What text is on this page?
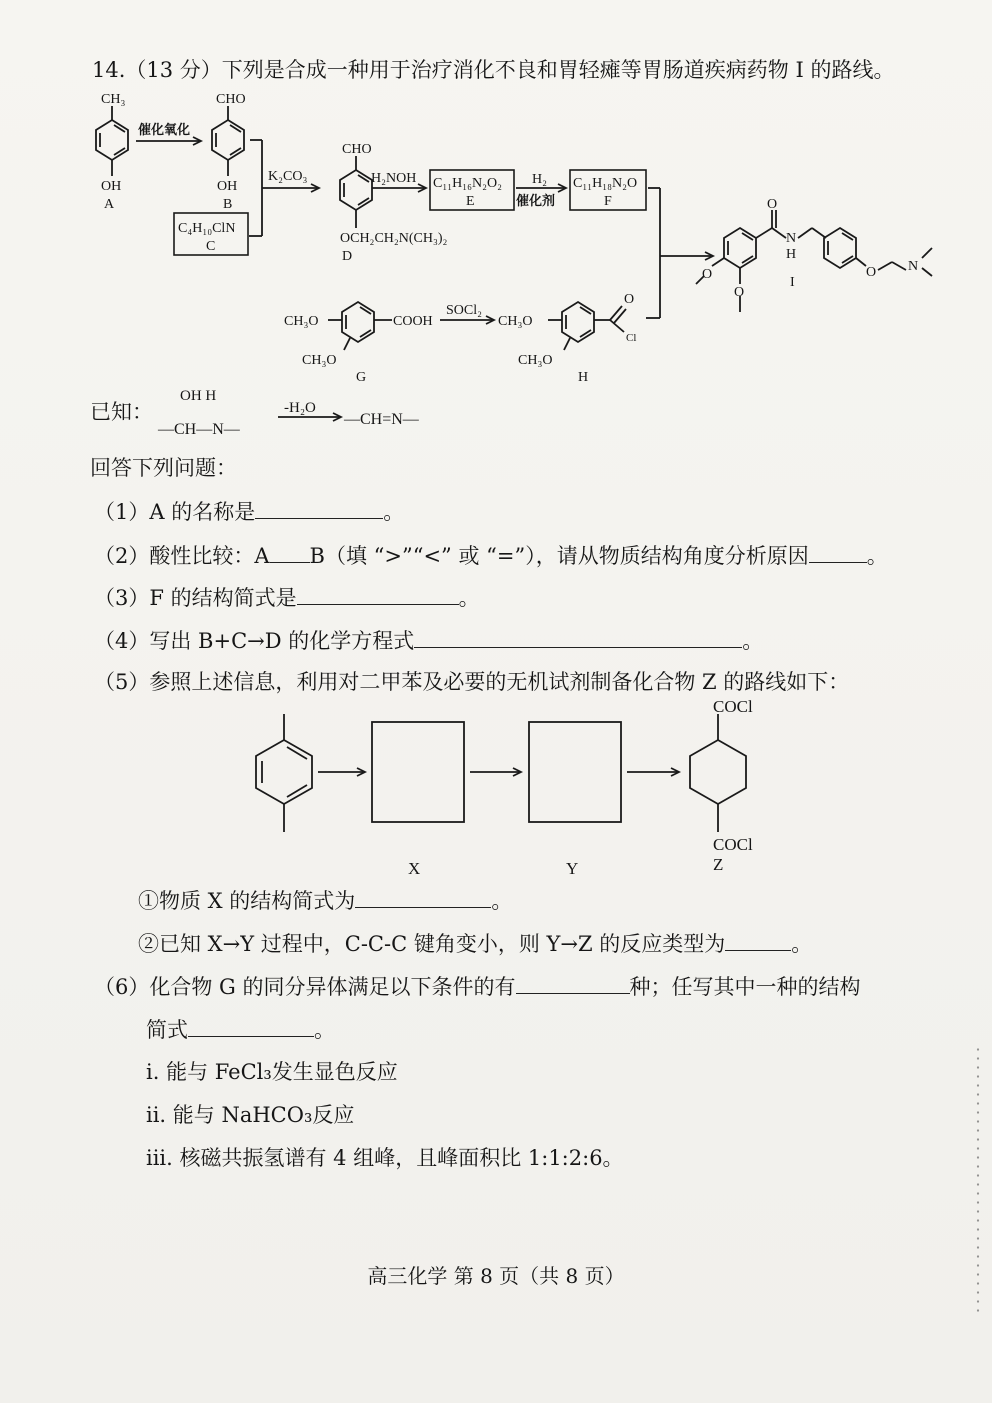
14.（13 分）下列是合成一种用于治疗消化不良和胃轻瘫等胃肠道疾病药物 I 的路线。
CH₃
OH
A
催化氧化
CHO
OH
B
C₄H₁₀ClN
C
K₂CO₃
CHO
OCH₂CH₂N(CH₃)₂
D
H₂NOH C₁₁H₁₆N₂O₂
E
H₂
催化剂
C₁₁H₁₈N₂O
F	O
N
H
O N
O
O
I
CH₃O	COOH
CH₃O
G
SOCl₂
CH₃O
CH₃O
O
Cl
H
OH H
—CH—N—
-H₂O
—CH=N—
已知：
回答下列问题：
（1）A 的名称是	。
（2）酸性比较：A B（填 “>”“<” 或 “=”），请从物质结构角度分析原因	。
（3）F 的结构简式是	。
（4）写出 B+C→D 的化学方程式	。
（5）参照上述信息，利用对二甲苯及必要的无机试剂制备化合物 Z 的路线如下：
COCl
COCl
X	Y	Z
①物质 X 的结构简式为	。
②已知 X→Y 过程中，C-C-C 键角变小，则 Y→Z 的反应类型为	。
（6）化合物 G 的同分异体满足以下条件的有	种；任写其中一种的结构
简式	。
i. 能与 FeCl₃发生显色反应
ii. 能与 NaHCO₃反应
iii. 核磁共振氢谱有 4 组峰，且峰面积比 1:1:2:6。
高三化学 第 8 页（共 8 页）
